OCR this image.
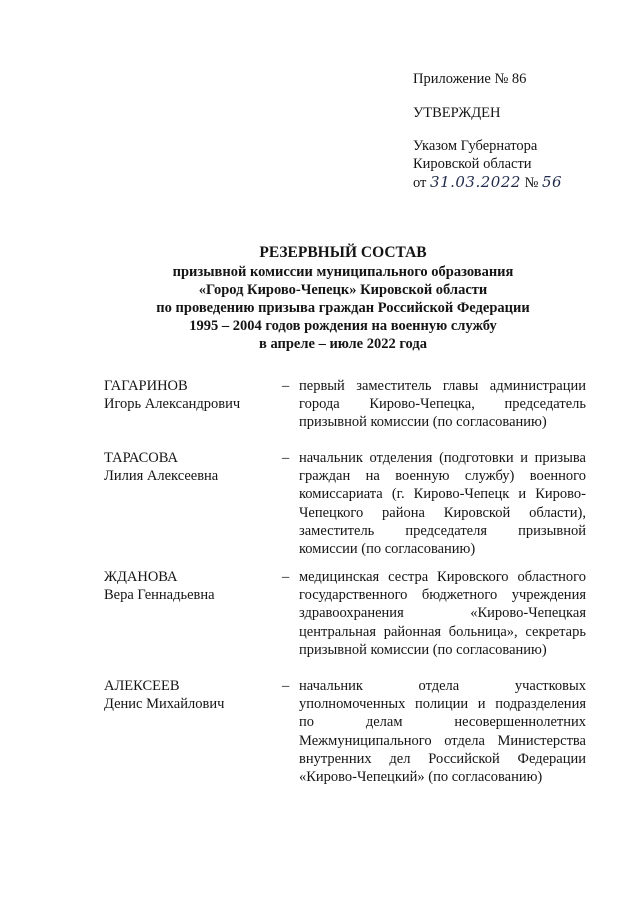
Приложение № 86
УТВЕРЖДЕН
Указом Губернатора
Кировской области
от 31.03.2022 № 56
РЕЗЕРВНЫЙ СОСТАВ
призывной комиссии муниципального образования
«Город Кирово-Чепецк» Кировской области
по проведению призыва граждан Российской Федерации
1995 – 2004 годов рождения на военную службу
в апреле – июле 2022 года
ГАГАРИНОВ
Игорь Александрович
– первый заместитель главы администрации города Кирово-Чепецка, председатель призывной комиссии (по согласованию)
ТАРАСОВА
Лилия Алексеевна
– начальник отделения (подготовки и призыва граждан на военную службу) военного комиссариата (г. Кирово-Чепецк и Кирово-Чепецкого района Кировской области), заместитель председателя призывной комиссии (по согласованию)
ЖДАНОВА
Вера Геннадьевна
– медицинская сестра Кировского областного государственного бюджетного учреждения здравоохранения «Кирово-Чепецкая центральная районная больница», секретарь призывной комиссии (по согласованию)
АЛЕКСЕЕВ
Денис Михайлович
– начальник отдела участковых уполномоченных полиции и подразделения по делам несовершеннолетних Межмуниципального отдела Министерства внутренних дел Российской Федерации «Кирово-Чепецкий» (по согласованию)
